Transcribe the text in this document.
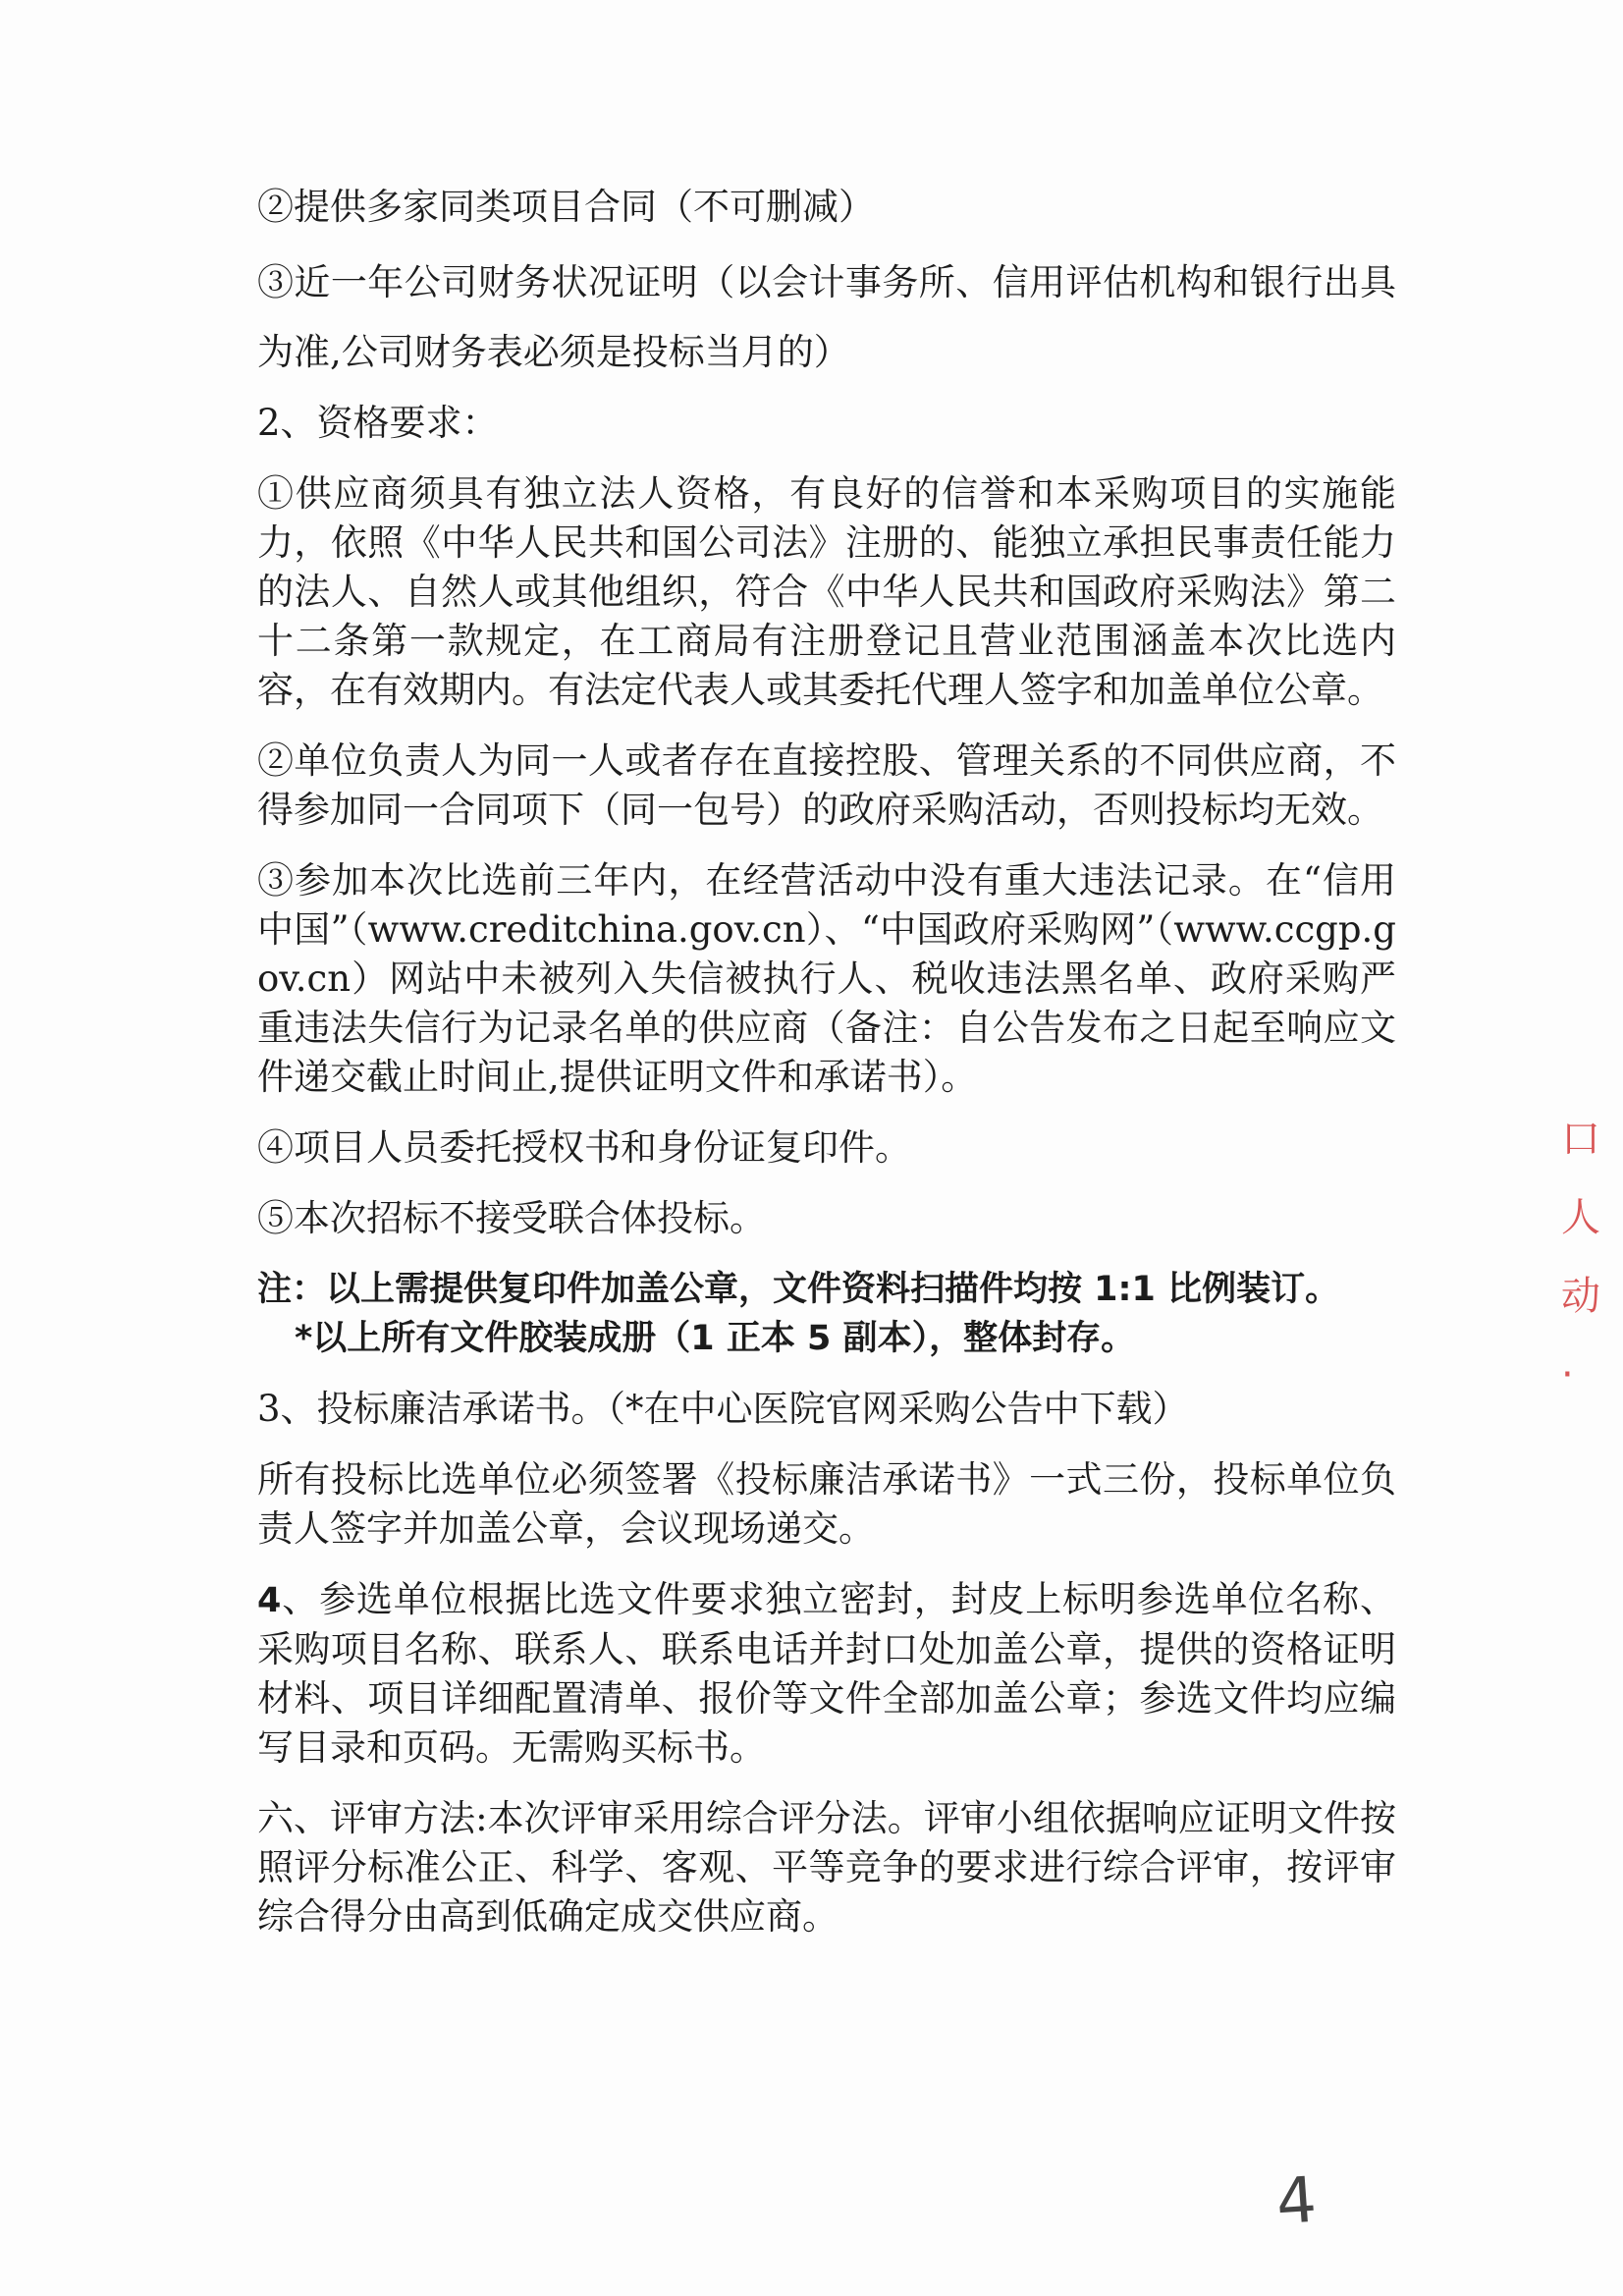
②提供多家同类项目合同（不可删减）

③近一年公司财务状况证明（以会计事务所、信用评估机构和银行出具为准,公司财务表必须是投标当月的）

2、资格要求：

①供应商须具有独立法人资格，有良好的信誉和本采购项目的实施能力，依照《中华人民共和国公司法》注册的、能独立承担民事责任能力的法人、自然人或其他组织，符合《中华人民共和国政府采购法》第二十二条第一款规定，在工商局有注册登记且营业范围涵盖本次比选内容，在有效期内。有法定代表人或其委托代理人签字和加盖单位公章。

②单位负责人为同一人或者存在直接控股、管理关系的不同供应商，不得参加同一合同项下（同一包号）的政府采购活动，否则投标均无效。

③参加本次比选前三年内，在经营活动中没有重大违法记录。在“信用中国”（www.creditchina.gov.cn）、“中国政府采购网”（www.ccgp.gov.cn）网站中未被列入失信被执行人、税收违法黑名单、政府采购严重违法失信行为记录名单的供应商（备注：自公告发布之日起至响应文件递交截止时间止,提供证明文件和承诺书）。

④项目人员委托授权书和身份证复印件。

⑤本次招标不接受联合体投标。

注：以上需提供复印件加盖公章，文件资料扫描件均按 1:1 比例装订。

*以上所有文件胶装成册（1 正本 5 副本），整体封存。

3、投标廉洁承诺书。（*在中心医院官网采购公告中下载）

所有投标比选单位必须签署《投标廉洁承诺书》一式三份，投标单位负责人签字并加盖公章，会议现场递交。

4、参选单位根据比选文件要求独立密封，封皮上标明参选单位名称、采购项目名称、联系人、联系电话并封口处加盖公章，提供的资格证明材料、项目详细配置清单、报价等文件全部加盖公章；参选文件均应编写目录和页码。无需购买标书。

六、评审方法:本次评审采用综合评分法。评审小组依据响应证明文件按照评分标准公正、科学、客观、平等竞争的要求进行综合评审，按评审综合得分由高到低确定成交供应商。

口
人
动
·
4
